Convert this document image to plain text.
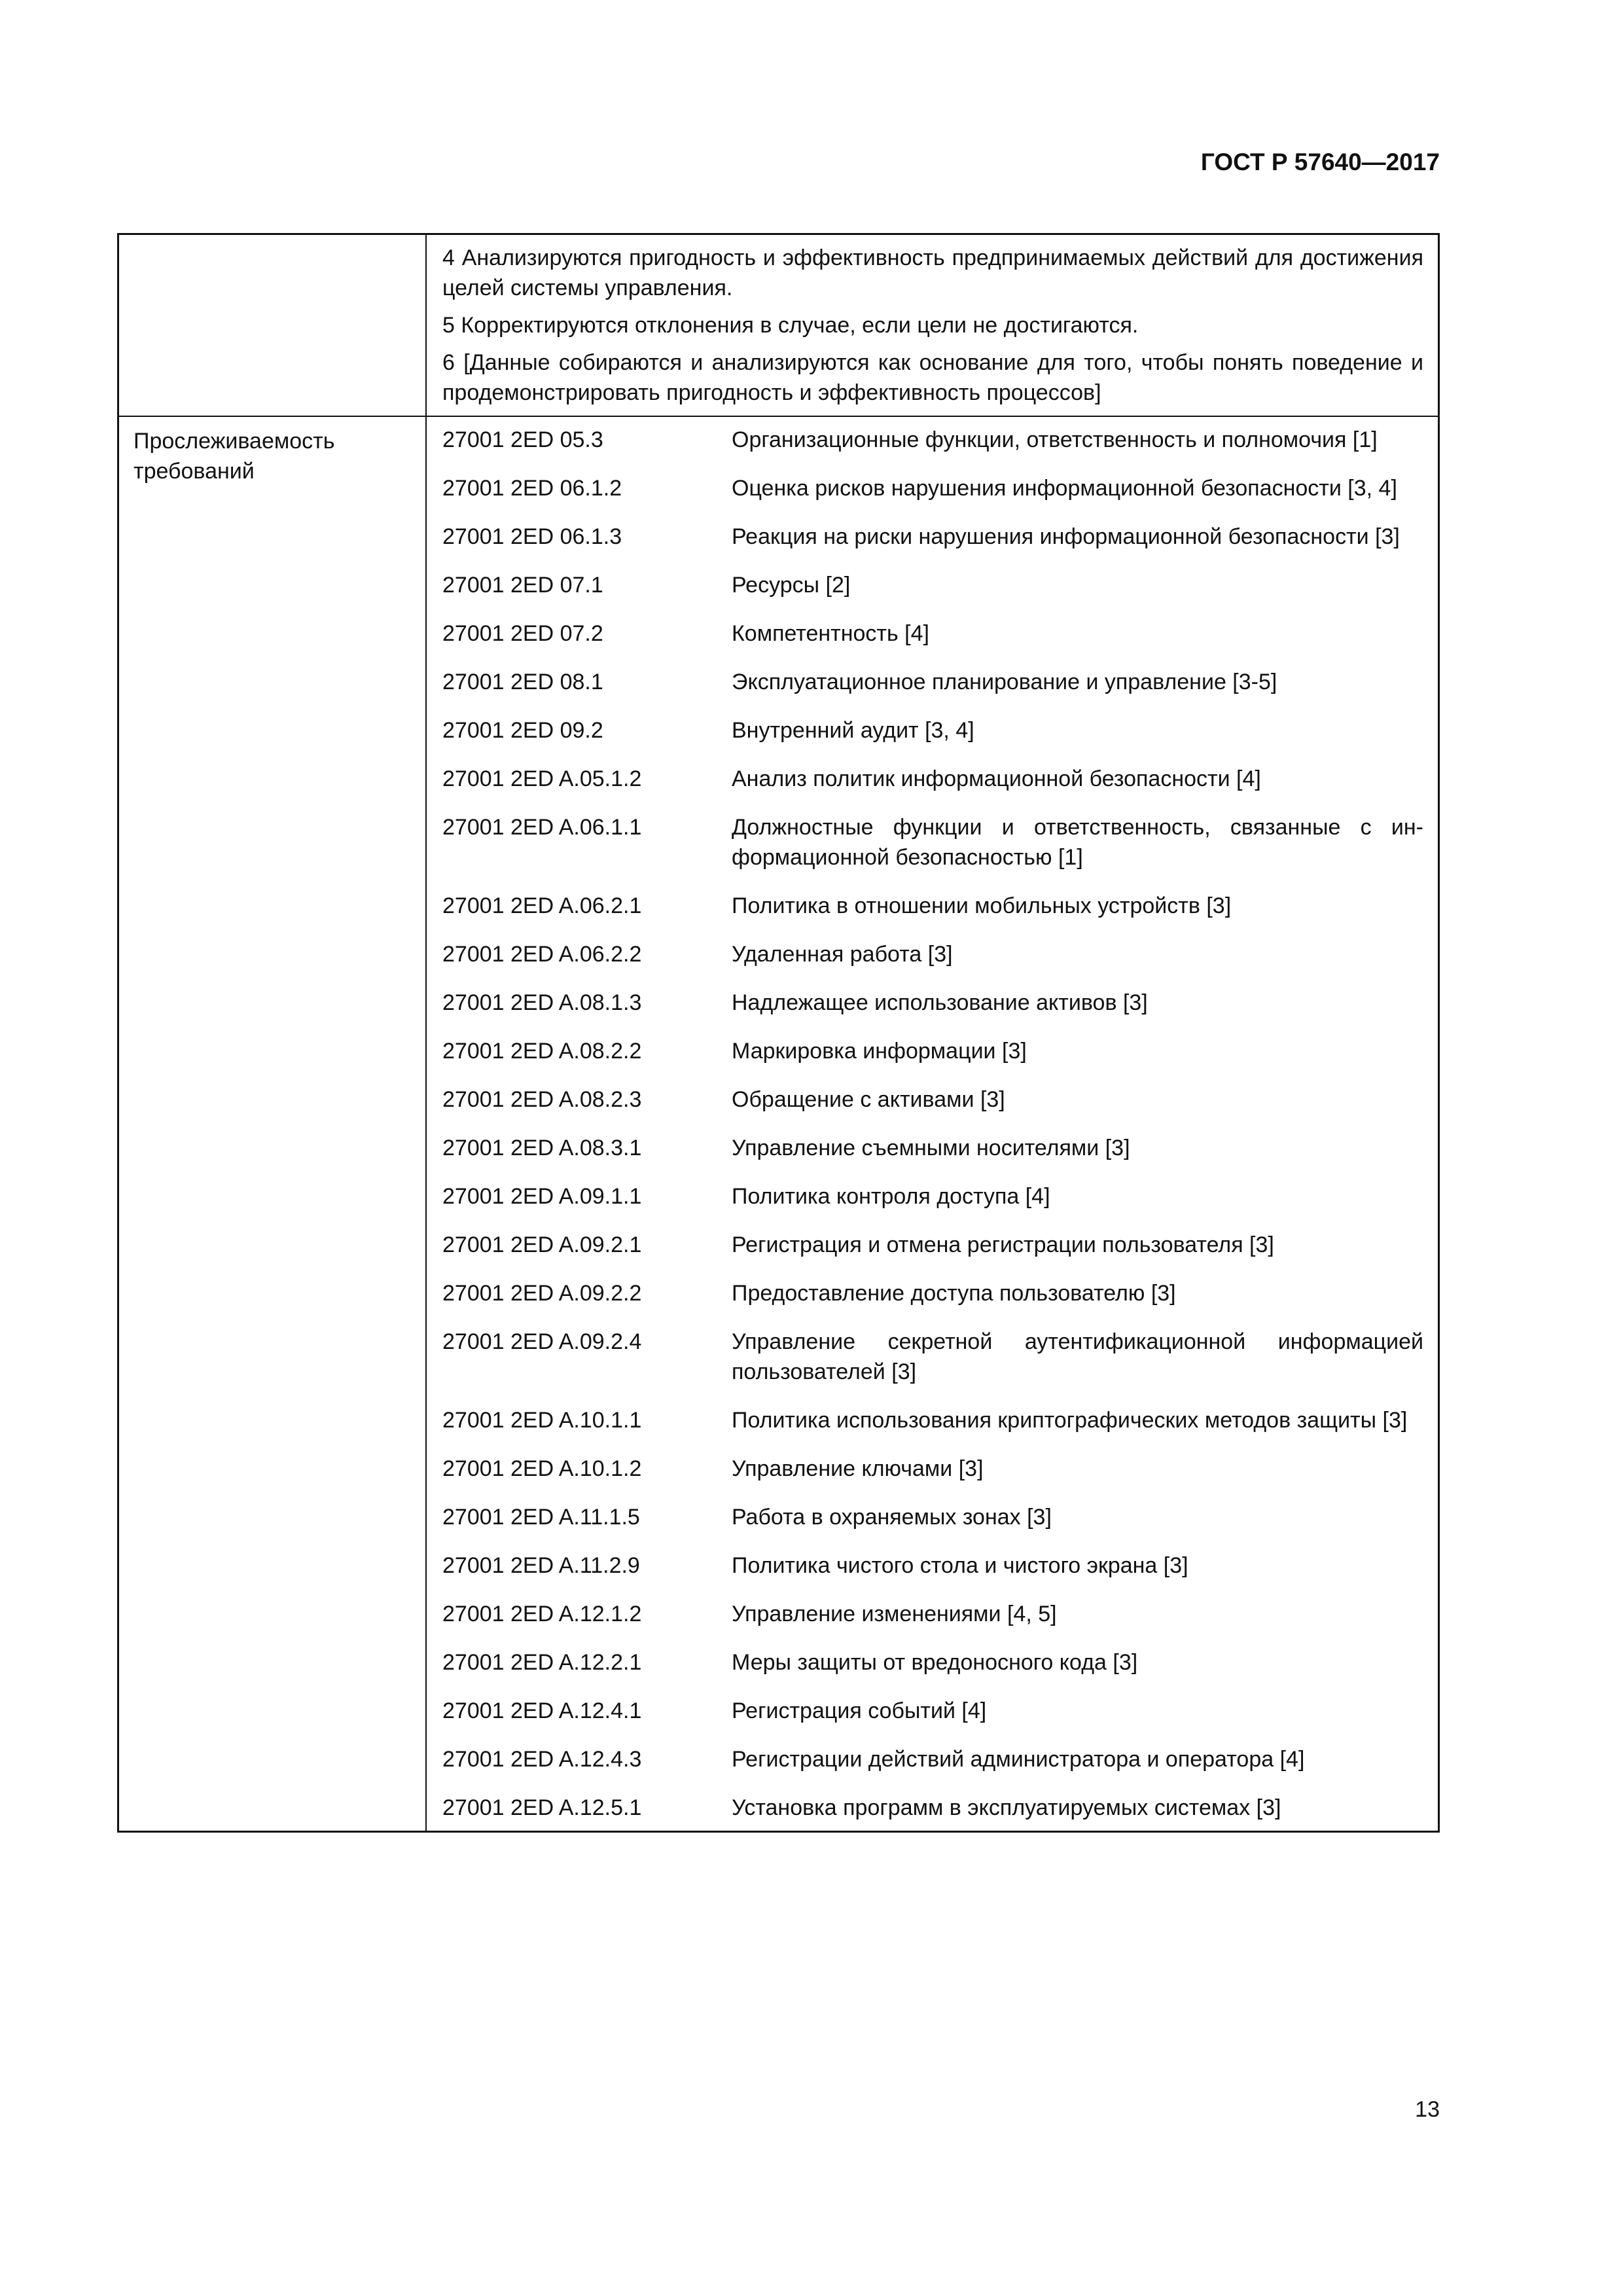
ГОСТ Р 57640—2017

4 Анализируются пригодность и эффективность предпринимаемых действий для достижения целей системы управления.

5 Корректируются отклонения в случае, если цели не достигаются.

6 [Данные собираются и анализируются как основание для того, чтобы понять поведение и продемонстрировать пригодность и эффективность процессов]

Прослеживаемость требований
27001 2ED 05.3	Организационные функции, ответственность и полномочия [1]
27001 2ED 06.1.2	Оценка рисков нарушения информационной безопасности [3, 4]
27001 2ED 06.1.3	Реакция на риски нарушения информационной безопасности [3]
27001 2ED 07.1	Ресурсы [2]
27001 2ED 07.2	Компетентность [4]
27001 2ED 08.1	Эксплуатационное планирование и управление [3-5]
27001 2ED 09.2	Внутренний аудит [3, 4]
27001 2ED A.05.1.2	Анализ политик информационной безопасности [4]
27001 2ED A.06.1.1	Должностные функции и ответственность, связанные с информационной безопасностью [1]
27001 2ED A.06.2.1	Политика в отношении мобильных устройств [3]
27001 2ED A.06.2.2	Удаленная работа [3]
27001 2ED A.08.1.3	Надлежащее использование активов [3]
27001 2ED A.08.2.2	Маркировка информации [3]
27001 2ED A.08.2.3	Обращение с активами [3]
27001 2ED A.08.3.1	Управление съемными носителями [3]
27001 2ED A.09.1.1	Политика контроля доступа [4]
27001 2ED A.09.2.1	Регистрация и отмена регистрации пользователя [3]
27001 2ED A.09.2.2	Предоставление доступа пользователю [3]
27001 2ED A.09.2.4	Управление секретной аутентификационной информацией пользователей [3]
27001 2ED A.10.1.1	Политика использования криптографических методов защиты [3]
27001 2ED A.10.1.2	Управление ключами [3]
27001 2ED A.11.1.5	Работа в охраняемых зонах [3]
27001 2ED A.11.2.9	Политика чистого стола и чистого экрана [3]
27001 2ED A.12.1.2	Управление изменениями [4, 5]
27001 2ED A.12.2.1	Меры защиты от вредоносного кода [3]
27001 2ED A.12.4.1	Регистрация событий [4]
27001 2ED A.12.4.3	Регистрации действий администратора и оператора [4]
27001 2ED A.12.5.1	Установка программ в эксплуатируемых системах [3]
13
